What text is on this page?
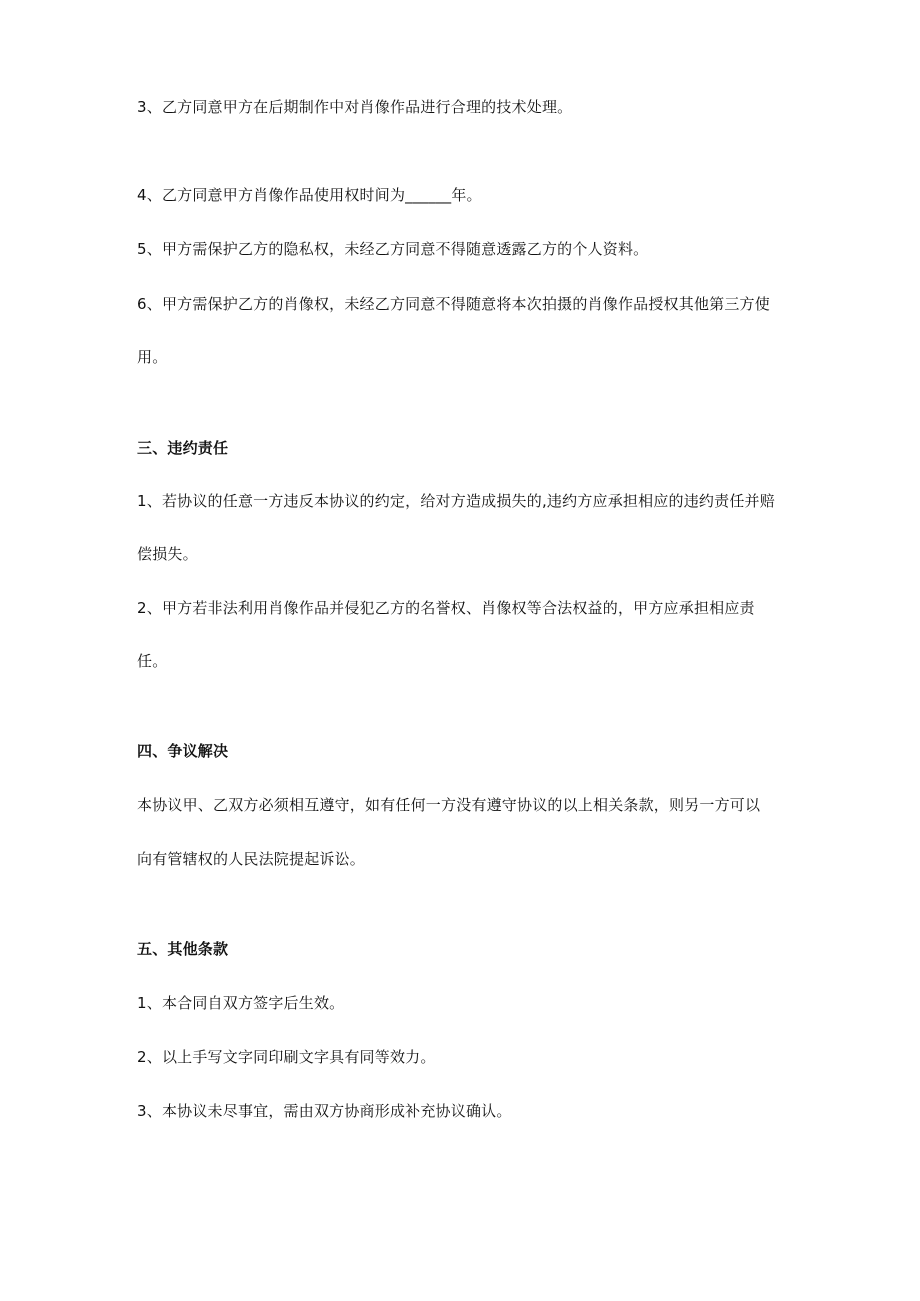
3、乙方同意甲方在后期制作中对肖像作品进行合理的技术处理。
4、乙方同意甲方肖像作品使用权时间为______年。
5、甲方需保护乙方的隐私权，未经乙方同意不得随意透露乙方的个人资料。
6、甲方需保护乙方的肖像权，未经乙方同意不得随意将本次拍摄的肖像作品授权其他第三方使
用。
三、违约责任
1、若协议的任意一方违反本协议的约定，给对方造成损失的,违约方应承担相应的违约责任并赔
偿损失。
2、甲方若非法利用肖像作品并侵犯乙方的名誉权、肖像权等合法权益的，甲方应承担相应责
任。
四、争议解决
本协议甲、乙双方必须相互遵守，如有任何一方没有遵守协议的以上相关条款，则另一方可以
向有管辖权的人民法院提起诉讼。
五、其他条款
1、本合同自双方签字后生效。
2、以上手写文字同印刷文字具有同等效力。
3、本协议未尽事宜，需由双方协商形成补充协议确认。
